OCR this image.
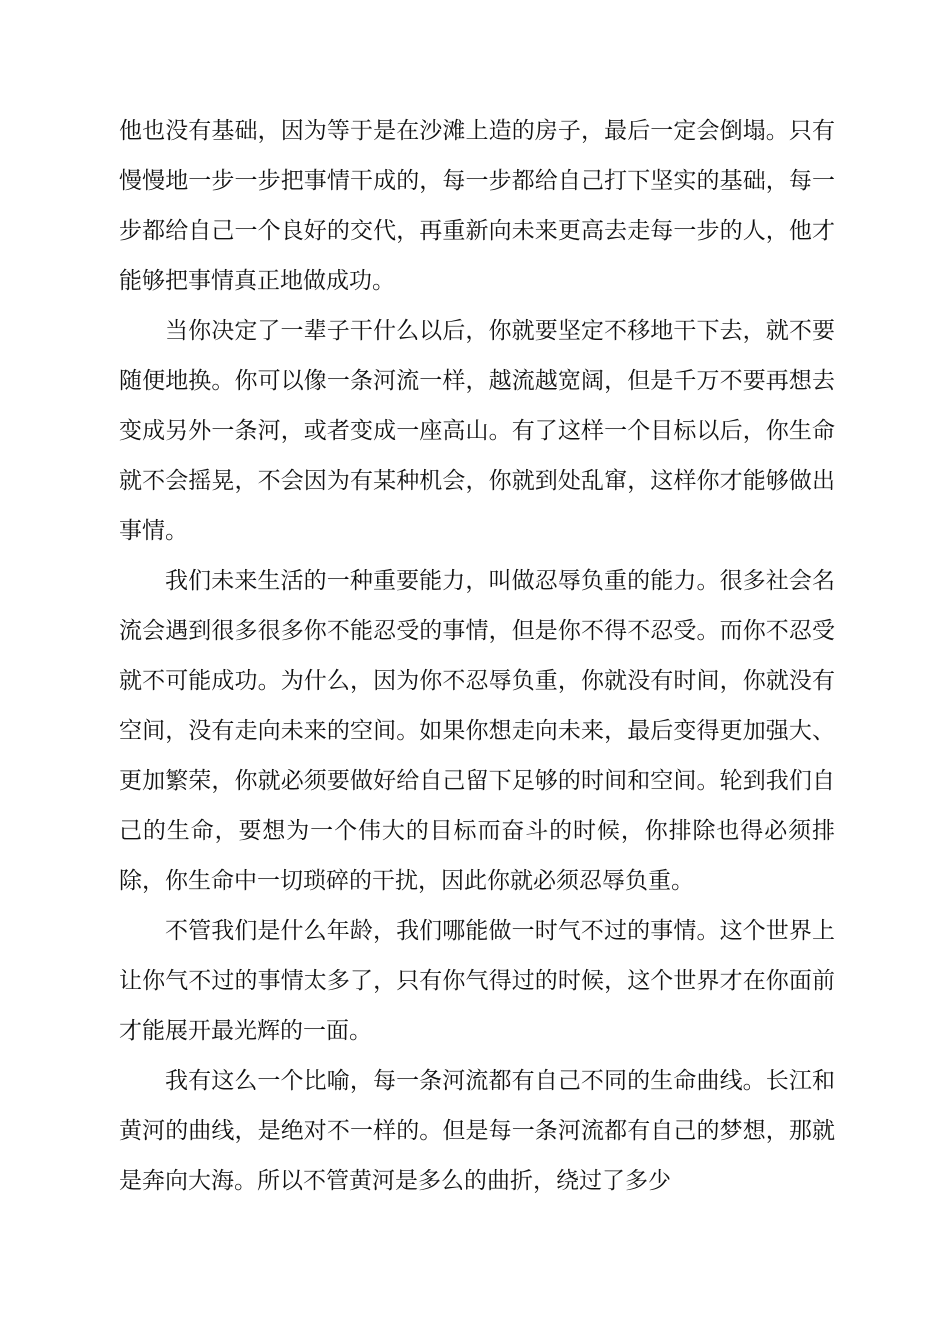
他也没有基础，因为等于是在沙滩上造的房子，最后一定会倒塌。只有慢慢地一步一步把事情干成的，每一步都给自己打下坚实的基础，每一步都给自己一个良好的交代，再重新向未来更高去走每一步的人，他才能够把事情真正地做成功。

当你决定了一辈子干什么以后，你就要坚定不移地干下去，就不要随便地换。你可以像一条河流一样，越流越宽阔，但是千万不要再想去变成另外一条河，或者变成一座高山。有了这样一个目标以后，你生命就不会摇晃，不会因为有某种机会，你就到处乱窜，这样你才能够做出事情。

我们未来生活的一种重要能力，叫做忍辱负重的能力。很多社会名流会遇到很多很多你不能忍受的事情，但是你不得不忍受。而你不忍受就不可能成功。为什么，因为你不忍辱负重，你就没有时间，你就没有空间，没有走向未来的空间。如果你想走向未来，最后变得更加强大、更加繁荣，你就必须要做好给自己留下足够的时间和空间。轮到我们自己的生命，要想为一个伟大的目标而奋斗的时候，你排除也得必须排除，你生命中一切琐碎的干扰，因此你就必须忍辱负重。

不管我们是什么年龄，我们哪能做一时气不过的事情。这个世界上让你气不过的事情太多了，只有你气得过的时候，这个世界才在你面前才能展开最光辉的一面。

我有这么一个比喻，每一条河流都有自己不同的生命曲线。长江和黄河的曲线，是绝对不一样的。但是每一条河流都有自己的梦想，那就是奔向大海。所以不管黄河是多么的曲折，绕过了多少
